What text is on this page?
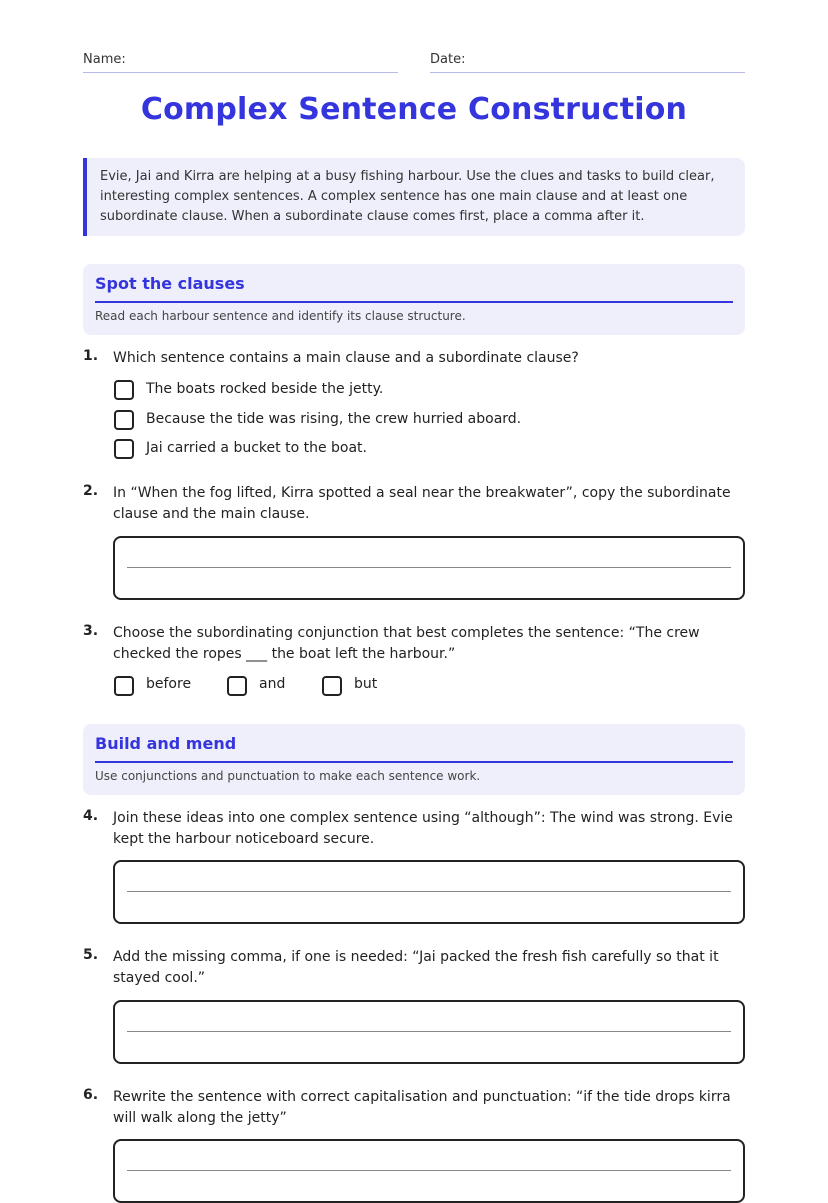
Name:	Date:
Complex Sentence Construction
Evie, Jai and Kirra are helping at a busy fishing harbour. Use the clues and tasks to build clear, interesting complex sentences. A complex sentence has one main clause and at least one subordinate clause. When a subordinate clause comes first, place a comma after it.
Spot the clauses
Read each harbour sentence and identify its clause structure.
1. Which sentence contains a main clause and a subordinate clause?
The boats rocked beside the jetty.
Because the tide was rising, the crew hurried aboard.
Jai carried a bucket to the boat.
2. In “When the fog lifted, Kirra spotted a seal near the breakwater”, copy the subordinate clause and the main clause.
3. Choose the subordinating conjunction that best completes the sentence: “The crew checked the ropes ___ the boat left the harbour.”
before	and	but
Build and mend
Use conjunctions and punctuation to make each sentence work.
4. Join these ideas into one complex sentence using “although”: The wind was strong. Evie kept the harbour noticeboard secure.
5. Add the missing comma, if one is needed: “Jai packed the fresh fish carefully so that it stayed cool.”
6. Rewrite the sentence with correct capitalisation and punctuation: “if the tide drops kirra will walk along the jetty”
